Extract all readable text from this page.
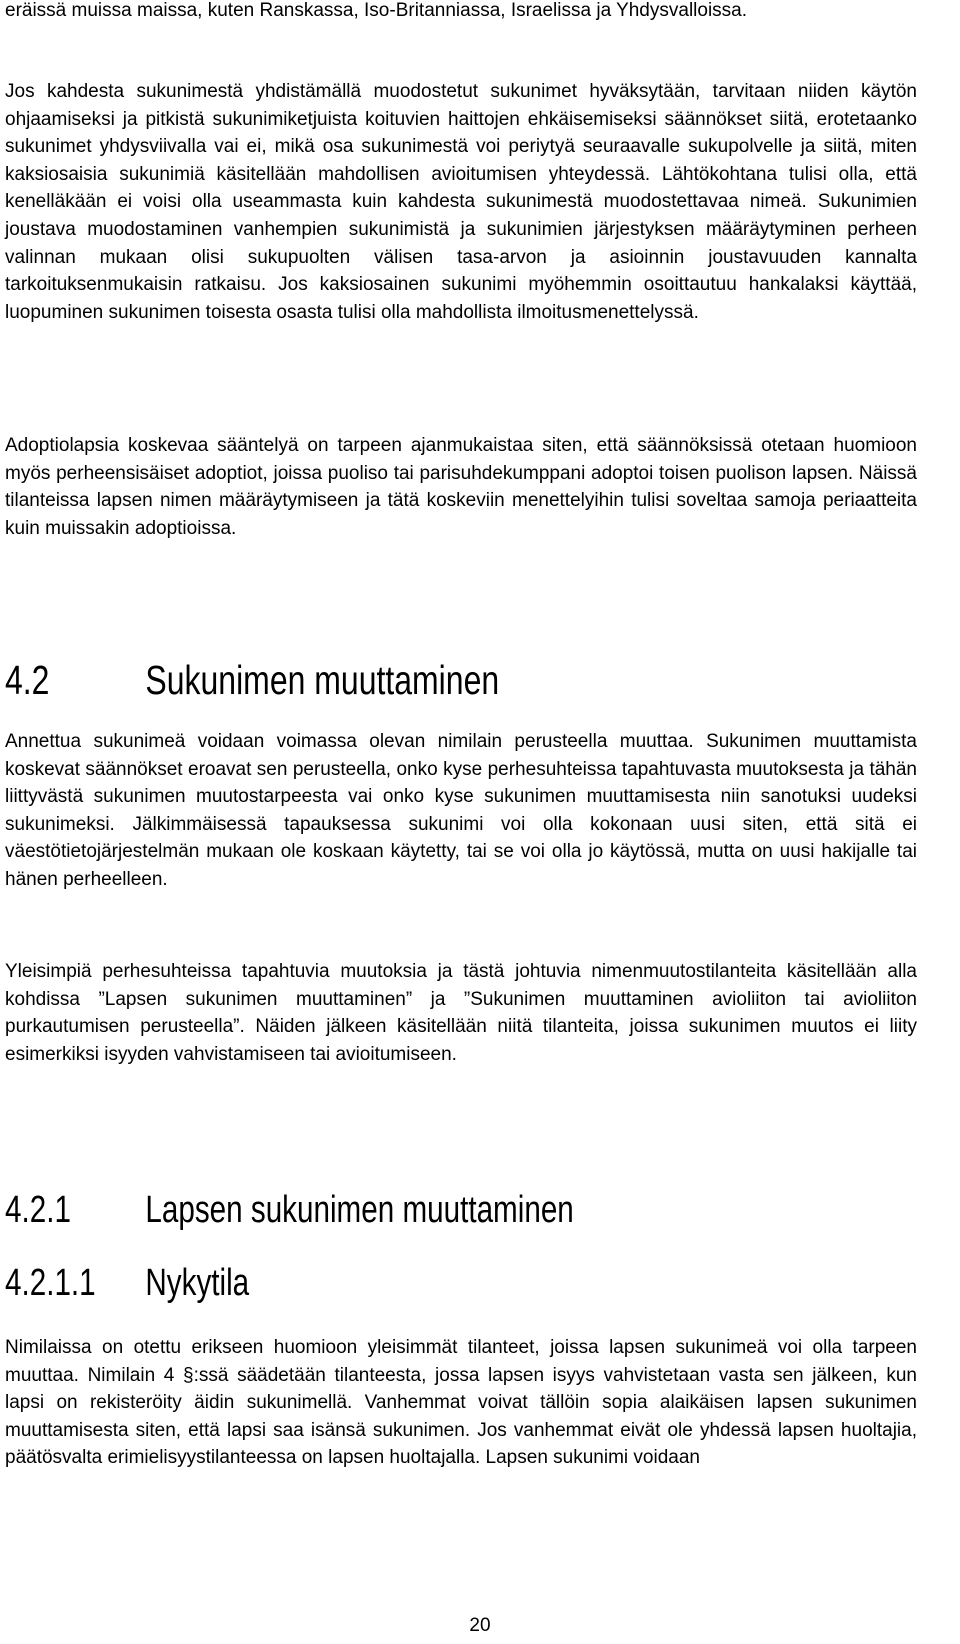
eräissä muissa maissa, kuten Ranskassa, Iso-Britanniassa, Israelissa ja Yhdysvalloissa.

Jos kahdesta sukunimestä yhdistämällä muodostetut sukunimet hyväksytään, tarvitaan niiden käytön ohjaamiseksi ja pitkistä sukunimiketjuista koituvien haittojen ehkäisemiseksi säännökset siitä, erotetaanko sukunimet yhdysviivalla vai ei, mikä osa sukunimestä voi periytyä seuraavalle sukupolvelle ja siitä, miten kaksiosaisia sukunimiä käsitellään mahdollisen avioitumisen yhteydessä. Lähtökohtana tulisi olla, että kenelläkään ei voisi olla useammasta kuin kahdesta sukunimestä muodostettavaa nimeä. Sukunimien joustava muodostaminen vanhempien sukunimistä ja sukunimien järjestyksen määräytyminen perheen valinnan mukaan olisi sukupuolten välisen tasa-arvon ja asioinnin joustavuuden kannalta tarkoituksenmukaisin ratkaisu. Jos kaksiosainen sukunimi myöhemmin osoittautuu hankalaksi käyttää, luopuminen sukunimen toisesta osasta tulisi olla mahdollista ilmoitusmenettelyssä.

Adoptiolapsia koskevaa sääntelyä on tarpeen ajanmukaistaa siten, että säännöksissä otetaan huomioon myös perheensisäiset adoptiot, joissa puoliso tai parisuhdekumppani adoptoi toisen puolison lapsen. Näissä tilanteissa lapsen nimen määräytymiseen ja tätä koskeviin menettelyihin tulisi soveltaa samoja periaatteita kuin muissakin adoptioissa.

4.2 Sukunimen muuttaminen

Annettua sukunimeä voidaan voimassa olevan nimilain perusteella muuttaa. Sukunimen muuttamista koskevat säännökset eroavat sen perusteella, onko kyse perhesuhteissa tapahtuvasta muutoksesta ja tähän liittyvästä sukunimen muutostarpeesta vai onko kyse sukunimen muuttamisesta niin sanotuksi uudeksi sukunimeksi. Jälkimmäisessä tapauksessa sukunimi voi olla kokonaan uusi siten, että sitä ei väestötietojärjestelmän mukaan ole koskaan käytetty, tai se voi olla jo käytössä, mutta on uusi hakijalle tai hänen perheelleen.

Yleisimpiä perhesuhteissa tapahtuvia muutoksia ja tästä johtuvia nimenmuutostilanteita käsitellään alla kohdissa ”Lapsen sukunimen muuttaminen” ja ”Sukunimen muuttaminen avioliiton tai avioliiton purkautumisen perusteella”. Näiden jälkeen käsitellään niitä tilanteita, joissa sukunimen muutos ei liity esimerkiksi isyyden vahvistamiseen tai avioitumiseen.

4.2.1 Lapsen sukunimen muuttaminen
4.2.1.1 Nykytila

Nimilaissa on otettu erikseen huomioon yleisimmät tilanteet, joissa lapsen sukunimeä voi olla tarpeen muuttaa. Nimilain 4 §:ssä säädetään tilanteesta, jossa lapsen isyys vahvistetaan vasta sen jälkeen, kun lapsi on rekisteröity äidin sukunimellä. Vanhemmat voivat tällöin sopia alaikäisen lapsen sukunimen muuttamisesta siten, että lapsi saa isänsä sukunimen. Jos vanhemmat eivät ole yhdessä lapsen huoltajia, päätösvalta erimielisyystilanteessa on lapsen huoltajalla. Lapsen sukunimi voidaan

20
